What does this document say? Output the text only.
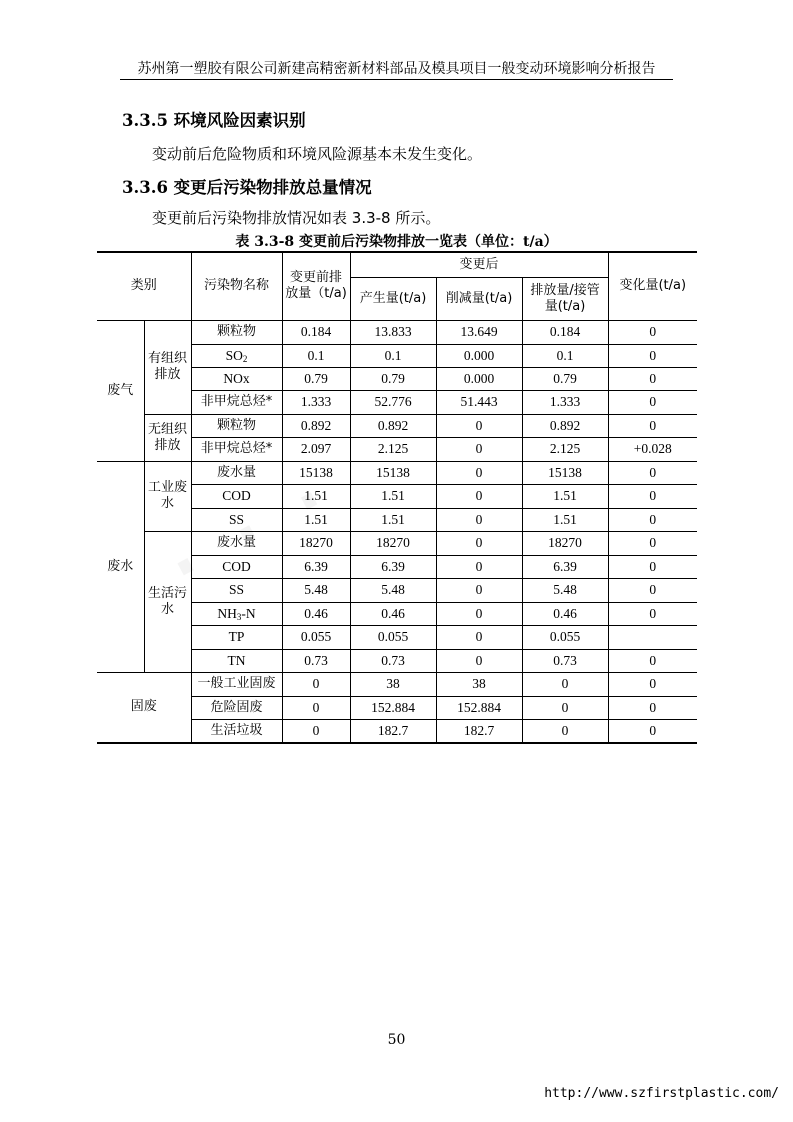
苏州第一塑胶有限公司新建高精密新材料部品及模具项目一般变动环境影响分析报告
3.3.5 环境风险因素识别
变动前后危险物质和环境风险源基本未发生变化。
3.3.6 变更后污染物排放总量情况
变更前后污染物排放情况如表 3.3-8 所示。
表 3.3-8 变更前后污染物排放一览表（单位：t/a）
类别		污染物名称	变更前排放量（t/a)	变更后			变化量(t/a)
				产生量(t/a)	削减量(t/a)	排放量/接管量(t/a)	
废气	有组织排放	颗粒物	0.184	13.833	13.649	0.184	0
		$SO_2$	0.1	0.1	0.000	0.1	0
		NOx	0.79	0.79	0.000	0.79	0
		非甲烷总烃*	1.333	52.776	51.443	1.333	0
	无组织排放	颗粒物	0.892	0.892	0	0.892	0
		非甲烷总烃*	2.097	2.125	0	2.125	+0.028
废水	工业废水	废水量	15138	15138	0	15138	0
		COD	1.51	1.51	0	1.51	0
		SS	1.51	1.51	0	1.51	0
	生活污水	废水量	18270	18270	0	18270	0
		COD	6.39	6.39	0	6.39	0
		SS	5.48	5.48	0	5.48	0
		$NH_3-N$	0.46	0.46	0	0.46	0
		TP	0.055	0.055	0	0.055	
		TN	0.73	0.73	0	0.73	0
固废		一般工业固废	0	38	38	0	0
		危险固废	0	152.884	152.884	0	0
		生活垃圾	0	182.7	182.7	0	0
50
http://www.szfirstplastic.com/
